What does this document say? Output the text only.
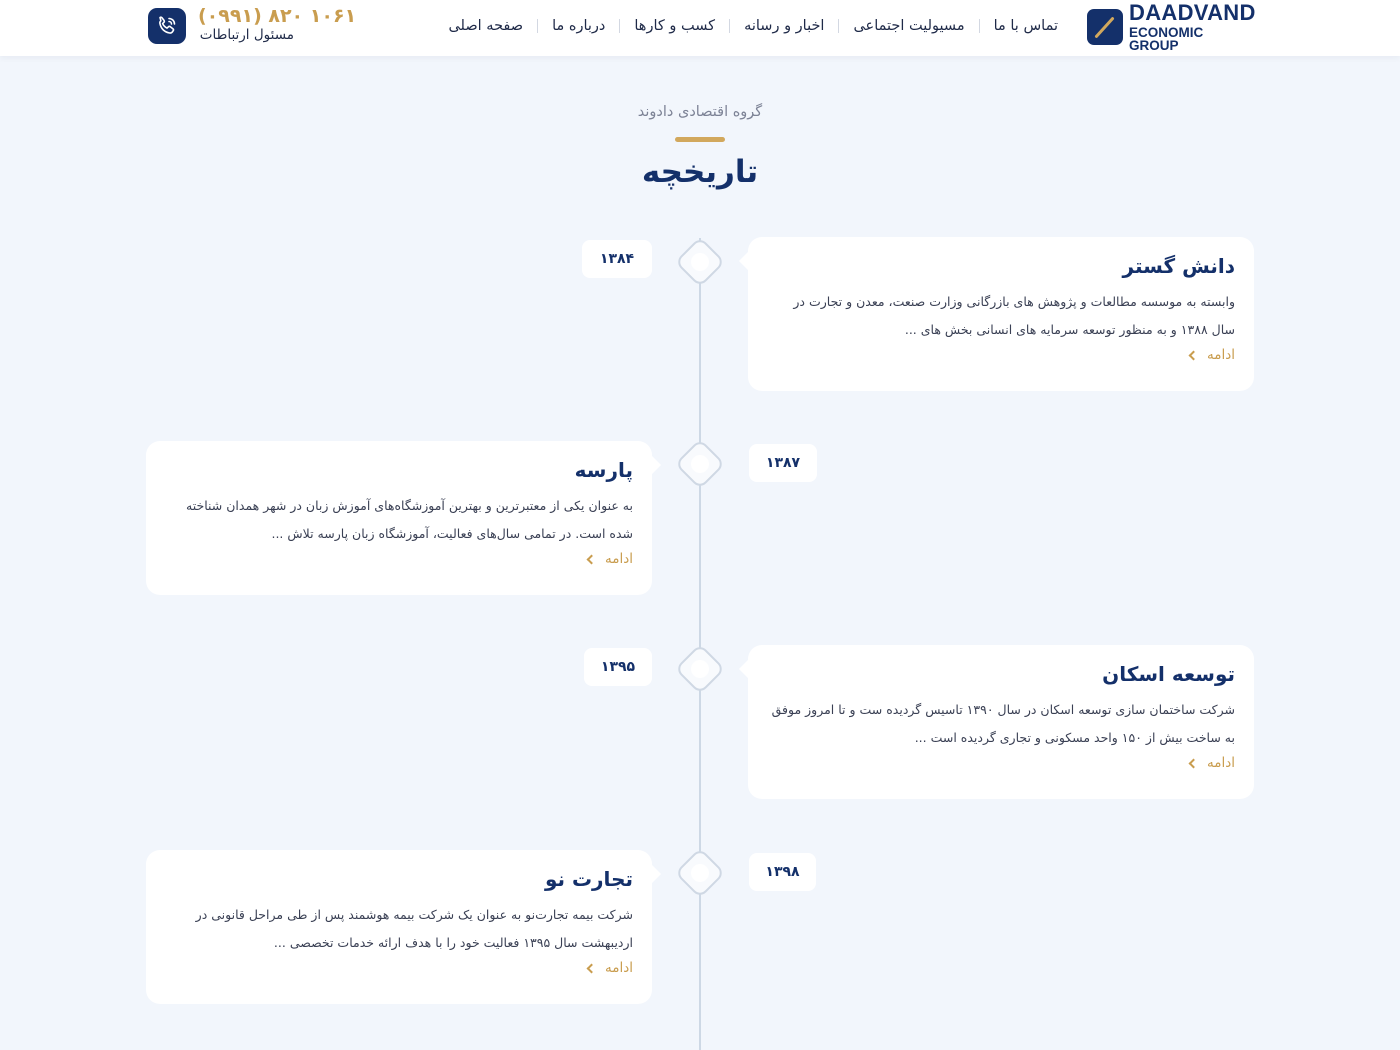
DAADVAND
ECONOMIC GROUP
صفحه اصلی درباره ما کسب و کارها اخبار و رسانه مسیولیت اجتماعی تماس با ما
(۰۹۹۱) ۸۲۰ ۱۰۶۱
مسئول ارتباطات
گروه اقتصادی دادوند
تاریخچه
۱۳۸۴	دانش گستر
وابسته به موسسه مطالعات و پژوهش های بازرگانی وزارت صنعت، معدن و تجارت در
سال ۱۳۸۸ و به منظور توسعه سرمایه های انسانی بخش های ...
ادامه
۱۳۸۷
پارسه
به عنوان یکی از معتبرترین و بهترین آموزشگاه‌های آموزش زبان در شهر همدان شناخته
شده است. در تمامی سال‌های فعالیت، آموزشگاه زبان پارسه تلاش ...
ادامه
۱۳۹۵	توسعه اسکان
شرکت ساختمان سازی توسعه اسکان در سال ۱۳۹۰ تاسیس گردیده ست و تا امروز موفق
به ساخت بیش از ۱۵۰ واحد مسکونی و تجاری گردیده است ...
ادامه
۱۳۹۸
تجارت نو
شرکت بیمه تجارت‌نو به عنوان یک شرکت بیمه هوشمند پس از طی مراحل قانونی در
اردیبهشت سال ۱۳۹۵ فعالیت خود را با هدف ارائه خدمات تخصصی ...
ادامه
